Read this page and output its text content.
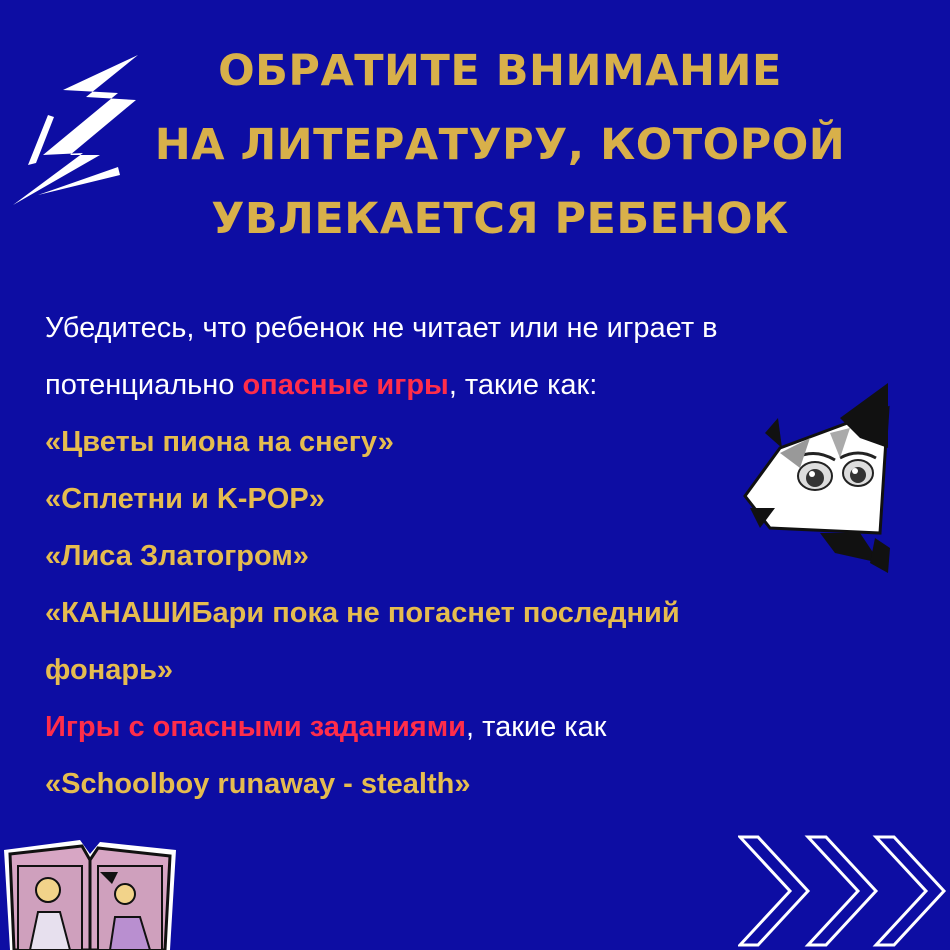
ОБРАТИТЕ ВНИМАНИЕ
НА ЛИТЕРАТУРУ, КОТОРОЙ
УВЛЕКАЕТСЯ РЕБЕНОК
Убедитесь, что ребенок не читает или не играет в
потенциально опасные игры, такие как:
«Цветы пиона на снегу»
«Сплетни и K-POP»
«Лиса Златогром»
«КАНАШИБари пока не погаснет последний
фонарь»
Игры с опасными заданиями, такие как
«Schoolboy runaway - stealth»
